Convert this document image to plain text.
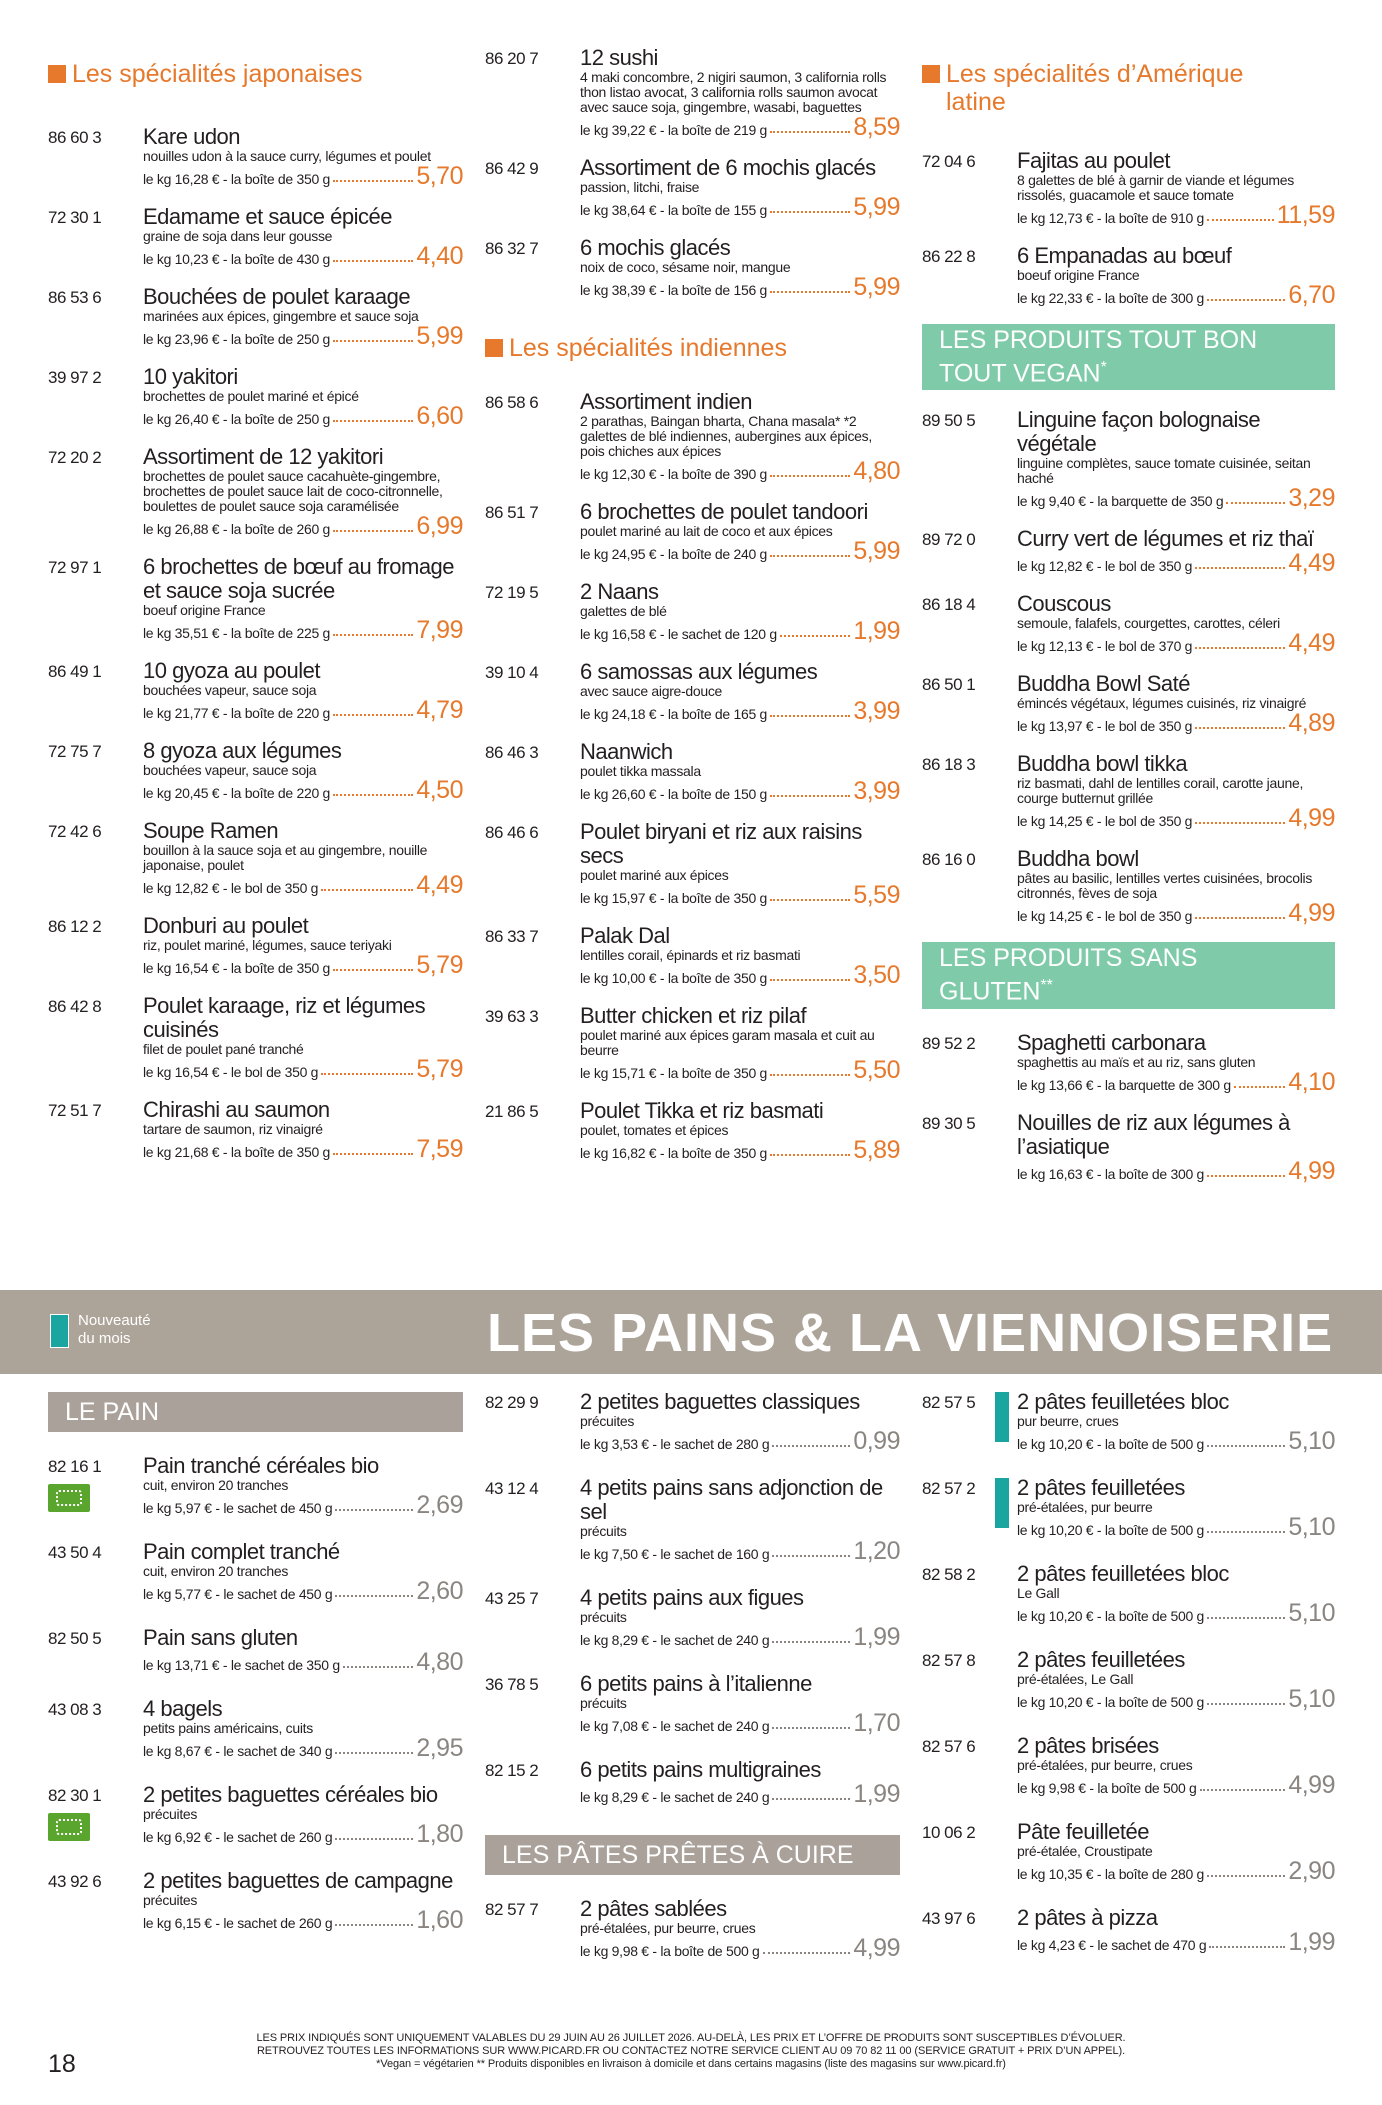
Les spécialités japonaises
86 60 3	Kare udon
nouilles udon à la sauce curry, légumes et poulet
le kg 16,28 € - la boîte de 350 g	5,70
72 30 1	Edamame et sauce épicée
graine de soja dans leur gousse
le kg 10,23 € - la boîte de 430 g	4,40
86 53 6	Bouchées de poulet karaage
marinées aux épices, gingembre et sauce soja
le kg 23,96 € - la boîte de 250 g	5,99
39 97 2	10 yakitori
brochettes de poulet mariné et épicé
le kg 26,40 € - la boîte de 250 g	6,60
72 20 2	Assortiment de 12 yakitori
brochettes de poulet sauce cacahuète-gingembre, brochettes de poulet sauce lait de coco-citronnelle, boulettes de poulet sauce soja caramélisée
le kg 26,88 € - la boîte de 260 g	6,99
72 97 1	6 brochettes de bœuf au fromage et sauce soja sucrée
boeuf origine France
le kg 35,51 € - la boîte de 225 g	7,99
86 49 1	10 gyoza au poulet
bouchées vapeur, sauce soja
le kg 21,77 € - la boîte de 220 g	4,79
72 75 7	8 gyoza aux légumes
bouchées vapeur, sauce soja
le kg 20,45 € - la boîte de 220 g	4,50
72 42 6	Soupe Ramen
bouillon à la sauce soja et au gingembre, nouille japonaise, poulet
le kg 12,82 € - le bol de 350 g	4,49
86 12 2	Donburi au poulet
riz, poulet mariné, légumes, sauce teriyaki
le kg 16,54 € - la boîte de 350 g	5,79
86 42 8	Poulet karaage, riz et légumes cuisinés
filet de poulet pané tranché
le kg 16,54 € - le bol de 350 g	5,79
72 51 7	Chirashi au saumon
tartare de saumon, riz vinaigré
le kg 21,68 € - la boîte de 350 g	7,59
86 20 7	12 sushi
4 maki concombre, 2 nigiri saumon, 3 california rolls thon listao avocat, 3 california rolls saumon avocat avec sauce soja, gingembre, wasabi, baguettes
le kg 39,22 € - la boîte de 219 g	8,59
86 42 9	Assortiment de 6 mochis glacés
passion, litchi, fraise
le kg 38,64 € - la boîte de 155 g	5,99
86 32 7	6 mochis glacés
noix de coco, sésame noir, mangue
le kg 38,39 € - la boîte de 156 g	5,99
Les spécialités indiennes
86 58 6	Assortiment indien
2 parathas, Baingan bharta, Chana masala* *2 galettes de blé indiennes, aubergines aux épices, pois chiches aux épices
le kg 12,30 € - la boîte de 390 g	4,80
86 51 7	6 brochettes de poulet tandoori
poulet mariné au lait de coco et aux épices
le kg 24,95 € - la boîte de 240 g	5,99
72 19 5	2 Naans
galettes de blé
le kg 16,58 € - le sachet de 120 g	1,99
39 10 4	6 samossas aux légumes
avec sauce aigre-douce
le kg 24,18 € - la boîte de 165 g	3,99
86 46 3	Naanwich
poulet tikka massala
le kg 26,60 € - la boîte de 150 g	3,99
86 46 6	Poulet biryani et riz aux raisins secs
poulet mariné aux épices
le kg 15,97 € - la boîte de 350 g	5,59
86 33 7	Palak Dal
lentilles corail, épinards et riz basmati
le kg 10,00 € - la boîte de 350 g	3,50
39 63 3	Butter chicken et riz pilaf
poulet mariné aux épices garam masala et cuit au beurre
le kg 15,71 € - la boîte de 350 g	5,50
21 86 5	Poulet Tikka et riz basmati
poulet, tomates et épices
le kg 16,82 € - la boîte de 350 g	5,89
Les spécialités d’Amérique latine
72 04 6	Fajitas au poulet
8 galettes de blé à garnir de viande et légumes rissolés, guacamole et sauce tomate
le kg 12,73 € - la boîte de 910 g	11,59
86 22 8	6 Empanadas au bœuf
boeuf origine France
le kg 22,33 € - la boîte de 300 g	6,70
LES PRODUITS TOUT BON TOUT VEGAN*
89 50 5	Linguine façon bolognaise végétale
linguine complètes, sauce tomate cuisinée, seitan haché
le kg 9,40 € - la barquette de 350 g	3,29
89 72 0	Curry vert de légumes et riz thaï
le kg 12,82 € - le bol de 350 g	4,49
86 18 4	Couscous
semoule, falafels, courgettes, carottes, céleri
le kg 12,13 € - le bol de 370 g	4,49
86 50 1	Buddha Bowl Saté
émincés végétaux, légumes cuisinés, riz vinaigré
le kg 13,97 € - le bol de 350 g	4,89
86 18 3	Buddha bowl tikka
riz basmati, dahl de lentilles corail, carotte jaune, courge butternut grillée
le kg 14,25 € - le bol de 350 g	4,99
86 16 0	Buddha bowl
pâtes au basilic, lentilles vertes cuisinées, brocolis citronnés, fèves de soja
le kg 14,25 € - le bol de 350 g	4,99
LES PRODUITS SANS GLUTEN**
89 52 2	Spaghetti carbonara
spaghettis au maïs et au riz, sans gluten
le kg 13,66 € - la barquette de 300 g 4,10
89 30 5	Nouilles de riz aux légumes à l’asiatique
le kg 16,63 € - la boîte de 300 g	4,99
Nouveauté
du mois	LES PAINS & LA VIENNOISERIE
LE PAIN
82 16 1	Pain tranché céréales bio
cuit, environ 20 tranches
le kg 5,97 € - le sachet de 450 g	2,69
43 50 4	Pain complet tranché
cuit, environ 20 tranches
le kg 5,77 € - le sachet de 450 g	2,60
82 50 5	Pain sans gluten
le kg 13,71 € - le sachet de 350 g	4,80
43 08 3	4 bagels
petits pains américains, cuits
le kg 8,67 € - le sachet de 340 g	2,95
82 30 1	2 petites baguettes céréales bio
précuites
le kg 6,92 € - le sachet de 260 g	1,80
43 92 6	2 petites baguettes de campagne
précuites
le kg 6,15 € - le sachet de 260 g	1,60
82 29 9	2 petites baguettes classiques
précuites
le kg 3,53 € - le sachet de 280 g	0,99
43 12 4	4 petits pains sans adjonction de sel
précuits
le kg 7,50 € - le sachet de 160 g	1,20
43 25 7	4 petits pains aux figues
précuits
le kg 8,29 € - le sachet de 240 g	1,99
36 78 5	6 petits pains à l’italienne
précuits
le kg 7,08 € - le sachet de 240 g	1,70
82 15 2	6 petits pains multigraines
le kg 8,29 € - le sachet de 240 g	1,99
LES PÂTES PRÊTES À CUIRE
82 57 7	2 pâtes sablées
pré-étalées, pur beurre, crues
le kg 9,98 € - la boîte de 500 g	4,99
82 57 5	2 pâtes feuilletées bloc
pur beurre, crues
le kg 10,20 € - la boîte de 500 g	5,10
82 57 2	2 pâtes feuilletées
pré-étalées, pur beurre
le kg 10,20 € - la boîte de 500 g	5,10
82 58 2	2 pâtes feuilletées bloc
Le Gall
le kg 10,20 € - la boîte de 500 g	5,10
82 57 8	2 pâtes feuilletées
pré-étalées, Le Gall
le kg 10,20 € - la boîte de 500 g	5,10
82 57 6	2 pâtes brisées
pré-étalées, pur beurre, crues
le kg 9,98 € - la boîte de 500 g	4,99
10 06 2	Pâte feuilletée
pré-étalée, Croustipate
le kg 10,35 € - la boîte de 280 g	2,90
43 97 6	2 pâtes à pizza
le kg 4,23 € - le sachet de 470 g	1,99
LES PRIX INDIQUÉS SONT UNIQUEMENT VALABLES DU 29 JUIN AU 26 JUILLET 2026. AU-DELÀ, LES PRIX ET L’OFFRE DE PRODUITS SONT SUSCEPTIBLES D’ÉVOLUER.
RETROUVEZ TOUTES LES INFORMATIONS SUR WWW.PICARD.FR OU CONTACTEZ NOTRE SERVICE CLIENT AU 09 70 82 11 00 (SERVICE GRATUIT + PRIX D’UN APPEL).
*Vegan = végétarien ** Produits disponibles en livraison à domicile et dans certains magasins (liste des magasins sur www.picard.fr)
18
